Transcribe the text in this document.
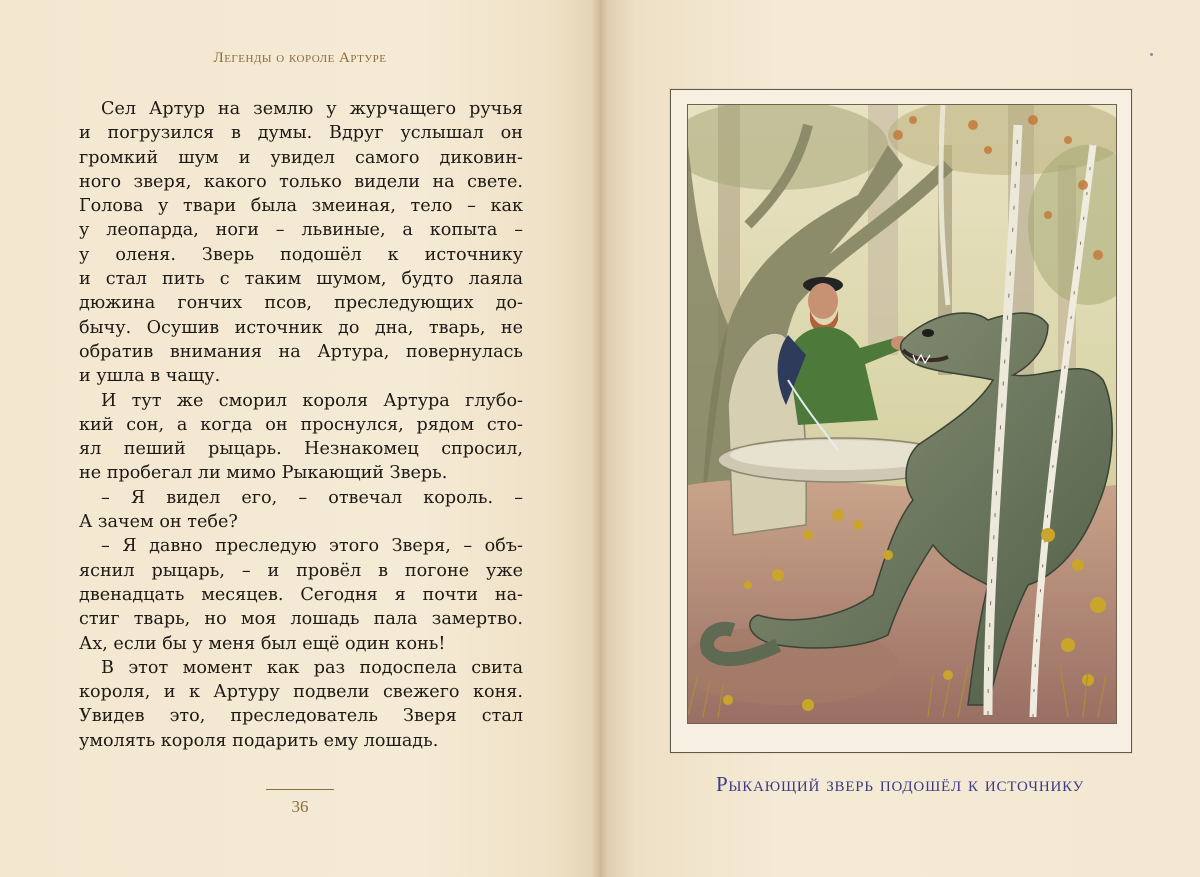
Легенды о короле Артуре
Сел Артур на землю у журчащего ручья
и погрузился в думы. Вдруг услышал он
громкий шум и увидел самого диковин-
ного зверя, какого только видели на свете.
Голова у твари была змеиная, тело – как
у леопарда, ноги – львиные, а копыта –
у оленя. Зверь подошёл к источнику
и стал пить с таким шумом, будто лаяла
дюжина гончих псов, преследующих до-
бычу. Осушив источник до дна, тварь, не
обратив внимания на Артура, повернулась
и ушла в чащу.
И тут же сморил короля Артура глубо-
кий сон, а когда он проснулся, рядом сто-
ял пеший рыцарь. Незнакомец спросил,
не пробегал ли мимо Рыкающий Зверь.
– Я видел его, – отвечал король. –
А зачем он тебе?
– Я давно преследую этого Зверя, – объ-
яснил рыцарь, – и провёл в погоне уже
двенадцать месяцев. Сегодня я почти на-
стиг тварь, но моя лошадь пала замертво.
Ах, если бы у меня был ещё один конь!
В этот момент как раз подоспела свита
короля, и к Артуру подвели свежего коня.
Увидев это, преследователь Зверя стал
умолять короля подарить ему лошадь.
36
Рыкающий зверь подошёл к источнику
